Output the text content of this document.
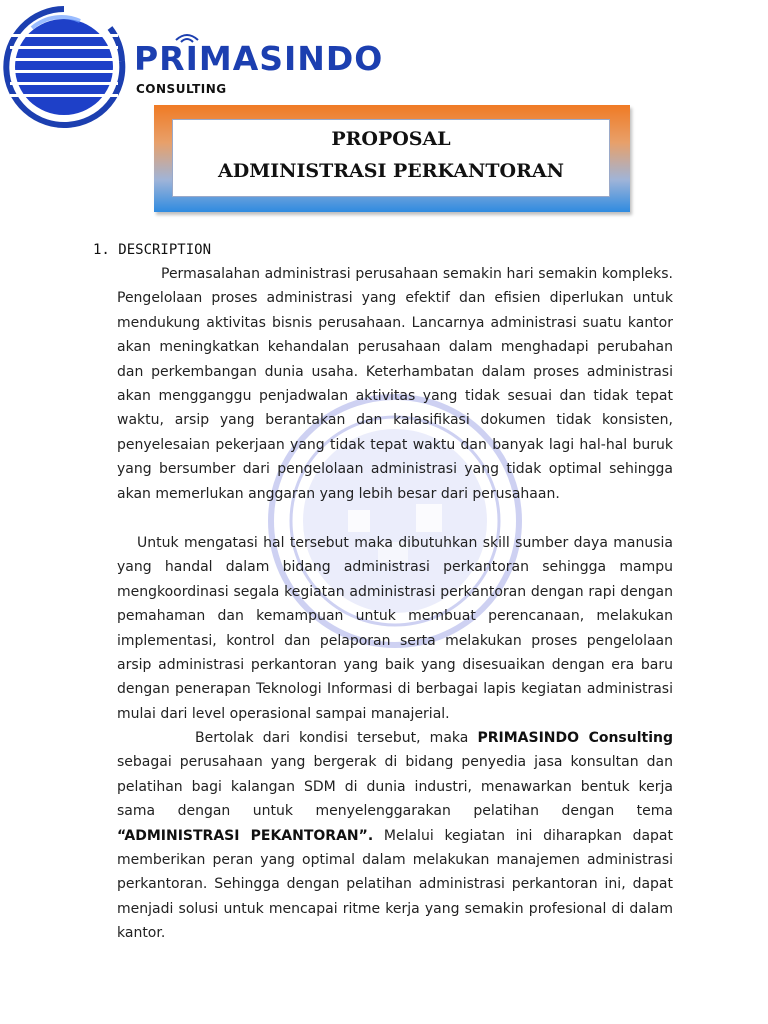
PRIMASINDO
CONSULTING
PROPOSAL
ADMINISTRASI PERKANTORAN
1. DESCRIPTION

Permasalahan administrasi perusahaan semakin hari semakin kompleks. Pengelolaan proses administrasi yang efektif dan efisien diperlukan untuk mendukung aktivitas bisnis perusahaan. Lancarnya administrasi suatu kantor akan meningkatkan kehandalan perusahaan dalam menghadapi perubahan dan perkembangan dunia usaha. Keterhambatan dalam proses administrasi akan mengganggu penjadwalan aktivitas yang tidak sesuai dan tidak tepat waktu, arsip yang berantakan dan kalasifikasi dokumen tidak konsisten, penyelesaian pekerjaan yang tidak tepat waktu dan banyak lagi hal-hal buruk yang bersumber dari pengelolaan administrasi yang tidak optimal sehingga akan memerlukan anggaran yang lebih besar dari perusahaan.

Untuk mengatasi hal tersebut maka dibutuhkan skill sumber daya manusia yang handal dalam bidang administrasi perkantoran sehingga mampu mengkoordinasi segala kegiatan administrasi perkantoran dengan rapi dengan pemahaman dan kemampuan untuk membuat perencanaan, melakukan implementasi, kontrol dan pelaporan serta melakukan proses pengelolaan arsip administrasi perkantoran yang baik yang disesuaikan dengan era baru dengan penerapan Teknologi Informasi di berbagai lapis kegiatan administrasi mulai dari level operasional sampai manajerial.

Bertolak dari kondisi tersebut, maka PRIMASINDO Consulting sebagai perusahaan yang bergerak di bidang penyedia jasa konsultan dan pelatihan bagi kalangan SDM di dunia industri, menawarkan bentuk kerja sama dengan untuk menyelenggarakan pelatihan dengan tema “ADMINISTRASI PEKANTORAN”. Melalui kegiatan ini diharapkan dapat memberikan peran yang optimal dalam melakukan manajemen administrasi perkantoran. Sehingga dengan pelatihan administrasi perkantoran ini, dapat menjadi solusi untuk mencapai ritme kerja yang semakin profesional di dalam kantor.
